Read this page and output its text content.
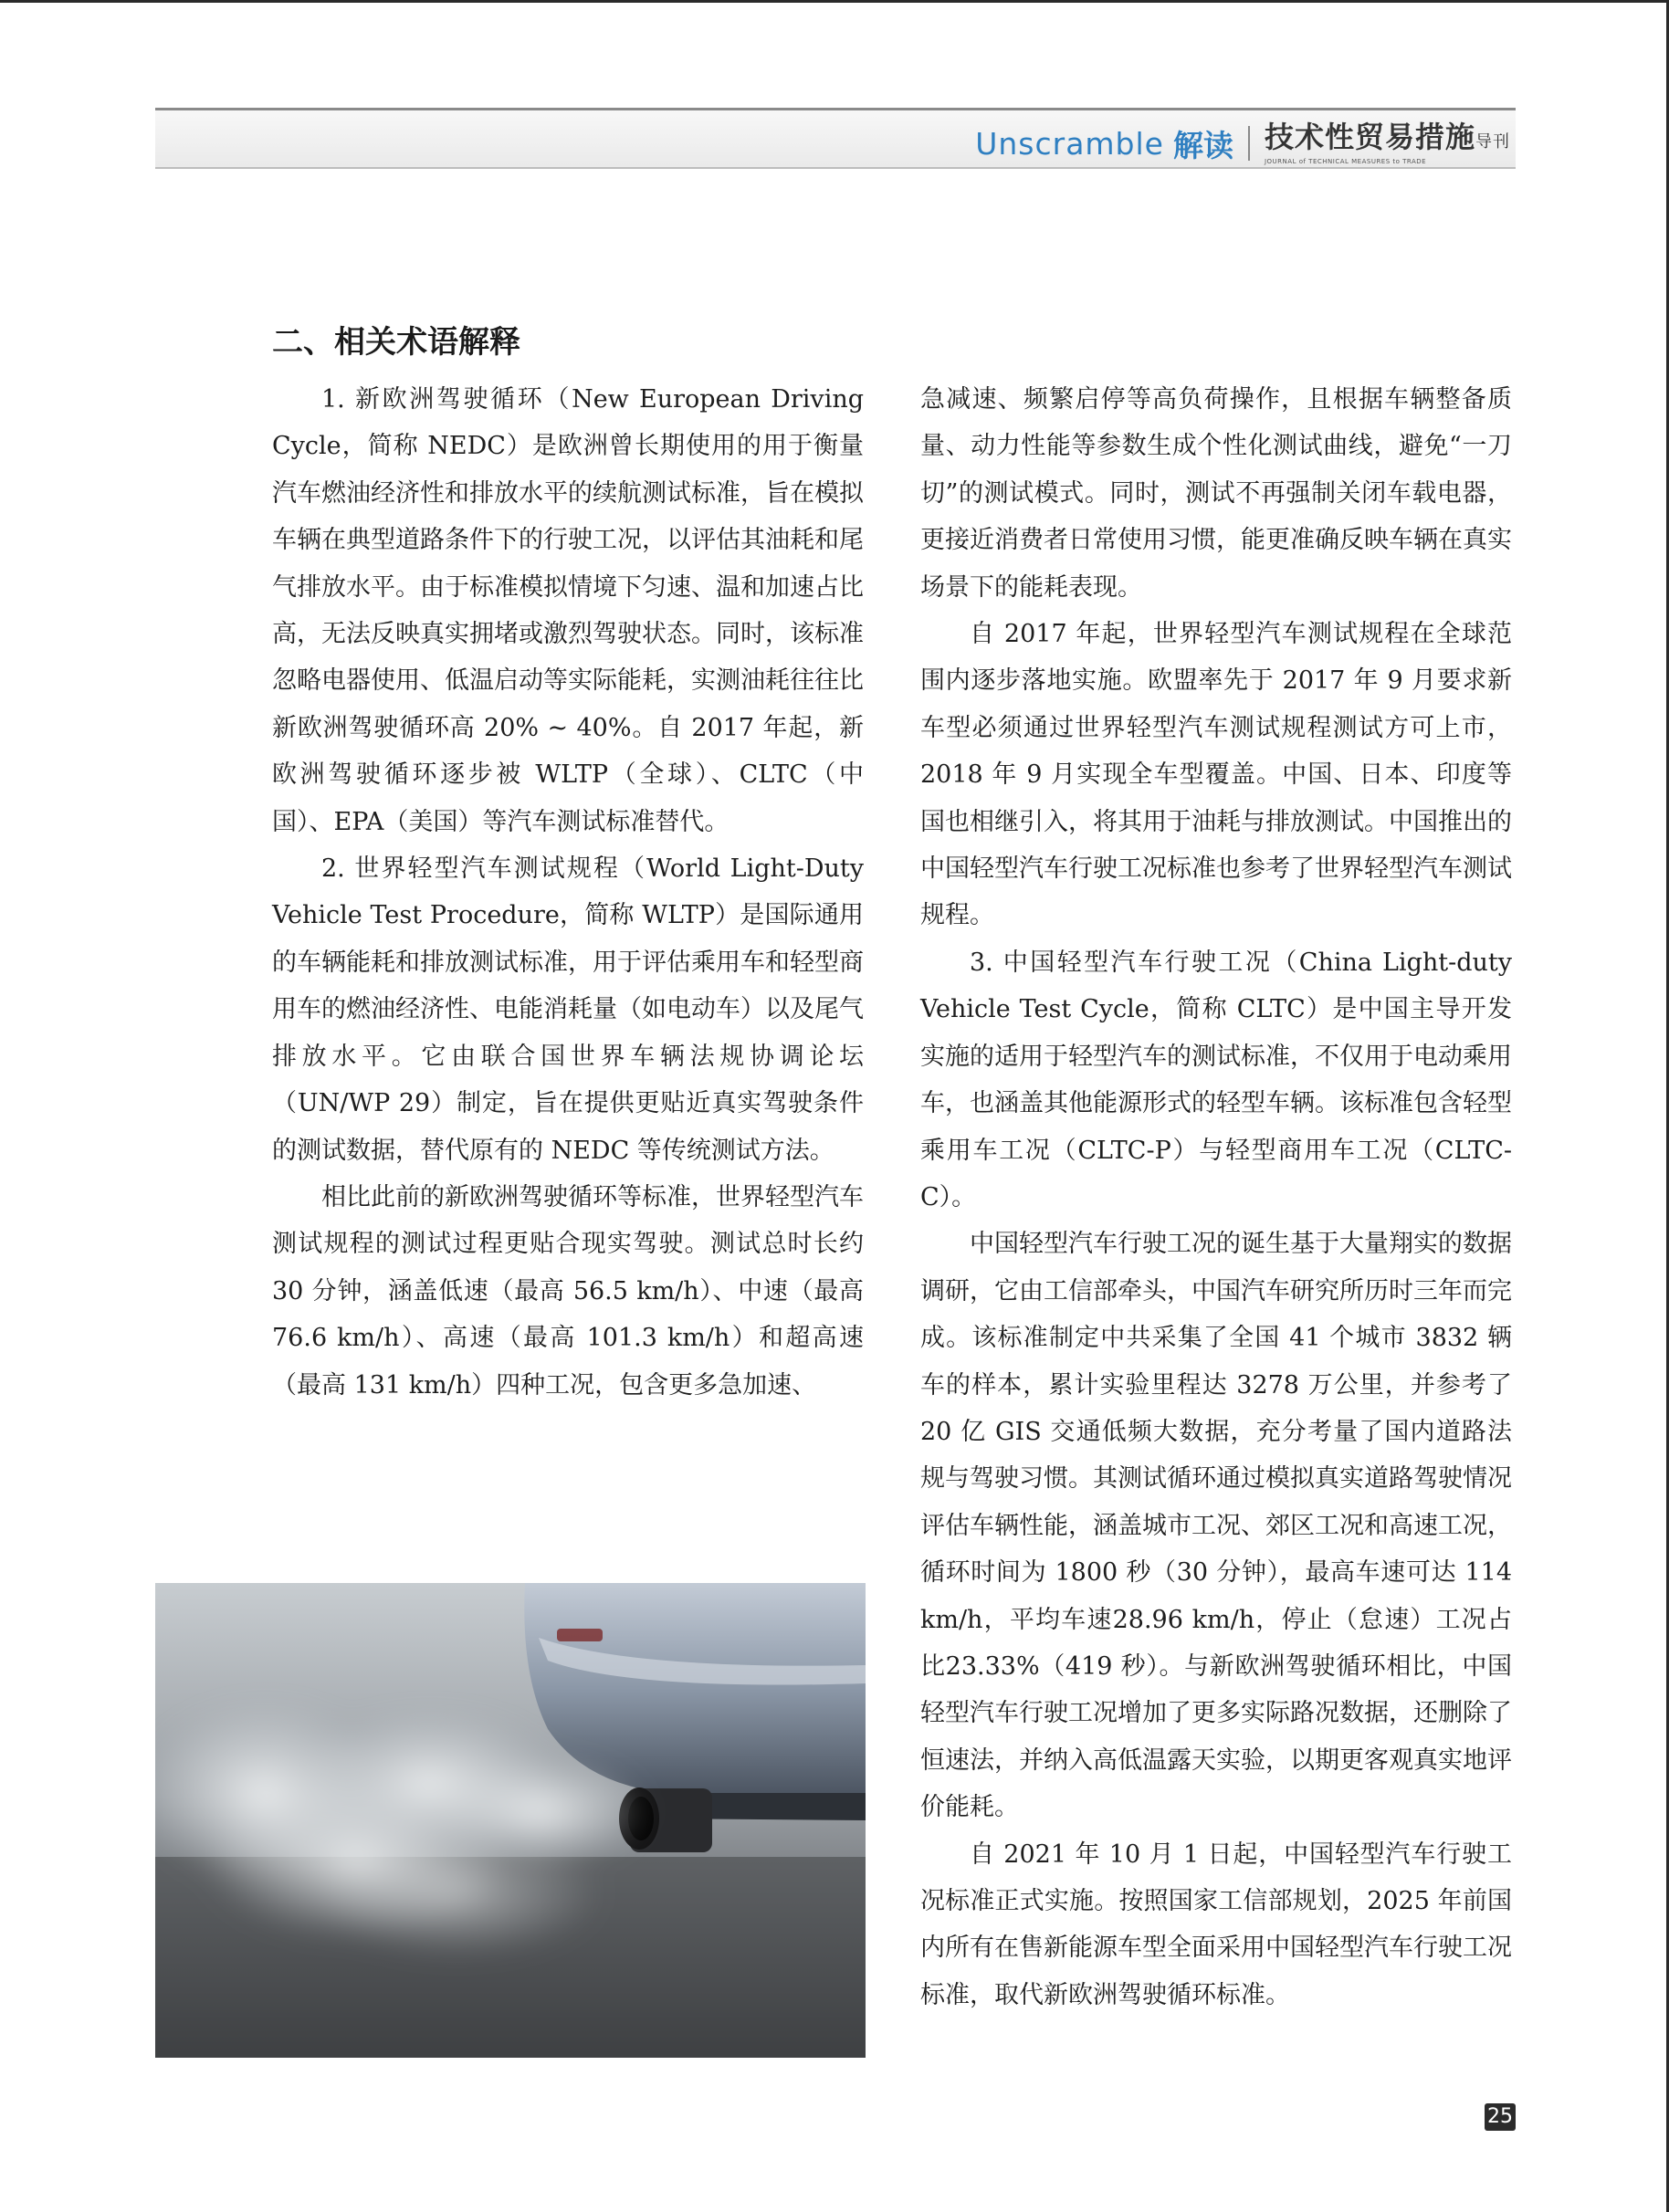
Unscramble 解读 技术性贸易措施导刊
JOURNAL of TECHNICAL MEASURES to TRADE
二、相关术语解释

1. 新欧洲驾驶循环（New European Driving Cycle，简称 NEDC）是欧洲曾长期使用的用于衡量汽车燃油经济性和排放水平的续航测试标准，旨在模拟车辆在典型道路条件下的行驶工况，以评估其油耗和尾气排放水平。由于标准模拟情境下匀速、温和加速占比高，无法反映真实拥堵或激烈驾驶状态。同时，该标准忽略电器使用、低温启动等实际能耗，实测油耗往往比新欧洲驾驶循环高 20% ~ 40%。自 2017 年起，新欧洲驾驶循环逐步被 WLTP（全球）、CLTC（中国）、EPA（美国）等汽车测试标准替代。

2. 世界轻型汽车测试规程（World Light-Duty Vehicle Test Procedure，简称 WLTP）是国际通用的车辆能耗和排放测试标准，用于评估乘用车和轻型商用车的燃油经济性、电能消耗量（如电动车）以及尾气排放水平。它由联合国世界车辆法规协调论坛（UN/WP 29）制定，旨在提供更贴近真实驾驶条件的测试数据，替代原有的 NEDC 等传统测试方法。

相比此前的新欧洲驾驶循环等标准，世界轻型汽车测试规程的测试过程更贴合现实驾驶。测试总时长约 30 分钟，涵盖低速（最高 56.5 km/h）、中速（最高 76.6 km/h）、高速（最高 101.3 km/h）和超高速（最高 131 km/h）四种工况，包含更多急加速、

急减速、频繁启停等高负荷操作，且根据车辆整备质量、动力性能等参数生成个性化测试曲线，避免“一刀切”的测试模式。同时，测试不再强制关闭车载电器，更接近消费者日常使用习惯，能更准确反映车辆在真实场景下的能耗表现。

自 2017 年起，世界轻型汽车测试规程在全球范围内逐步落地实施。欧盟率先于 2017 年 9 月要求新车型必须通过世界轻型汽车测试规程测试方可上市，2018 年 9 月实现全车型覆盖。中国、日本、印度等国也相继引入，将其用于油耗与排放测试。中国推出的中国轻型汽车行驶工况标准也参考了世界轻型汽车测试规程。

3. 中国轻型汽车行驶工况（China Light-duty Vehicle Test Cycle，简称 CLTC）是中国主导开发实施的适用于轻型汽车的测试标准，不仅用于电动乘用车，也涵盖其他能源形式的轻型车辆。该标准包含轻型乘用车工况（CLTC-P）与轻型商用车工况（CLTC-C）。

中国轻型汽车行驶工况的诞生基于大量翔实的数据调研，它由工信部牵头，中国汽车研究所历时三年而完成。该标准制定中共采集了全国 41 个城市 3832 辆车的样本，累计实验里程达 3278 万公里，并参考了 20 亿 GIS 交通低频大数据，充分考量了国内道路法规与驾驶习惯。其测试循环通过模拟真实道路驾驶情况评估车辆性能，涵盖城市工况、郊区工况和高速工况，循环时间为 1800 秒（30 分钟），最高车速可达 114 km/h，平均车速28.96 km/h，停止（怠速）工况占比23.33%（419 秒）。与新欧洲驾驶循环相比，中国轻型汽车行驶工况增加了更多实际路况数据，还删除了恒速法，并纳入高低温露天实验，以期更客观真实地评价能耗。

自 2021 年 10 月 1 日起，中国轻型汽车行驶工况标准正式实施。按照国家工信部规划，2025 年前国内所有在售新能源车型全面采用中国轻型汽车行驶工况标准，取代新欧洲驾驶循环标准。

25
